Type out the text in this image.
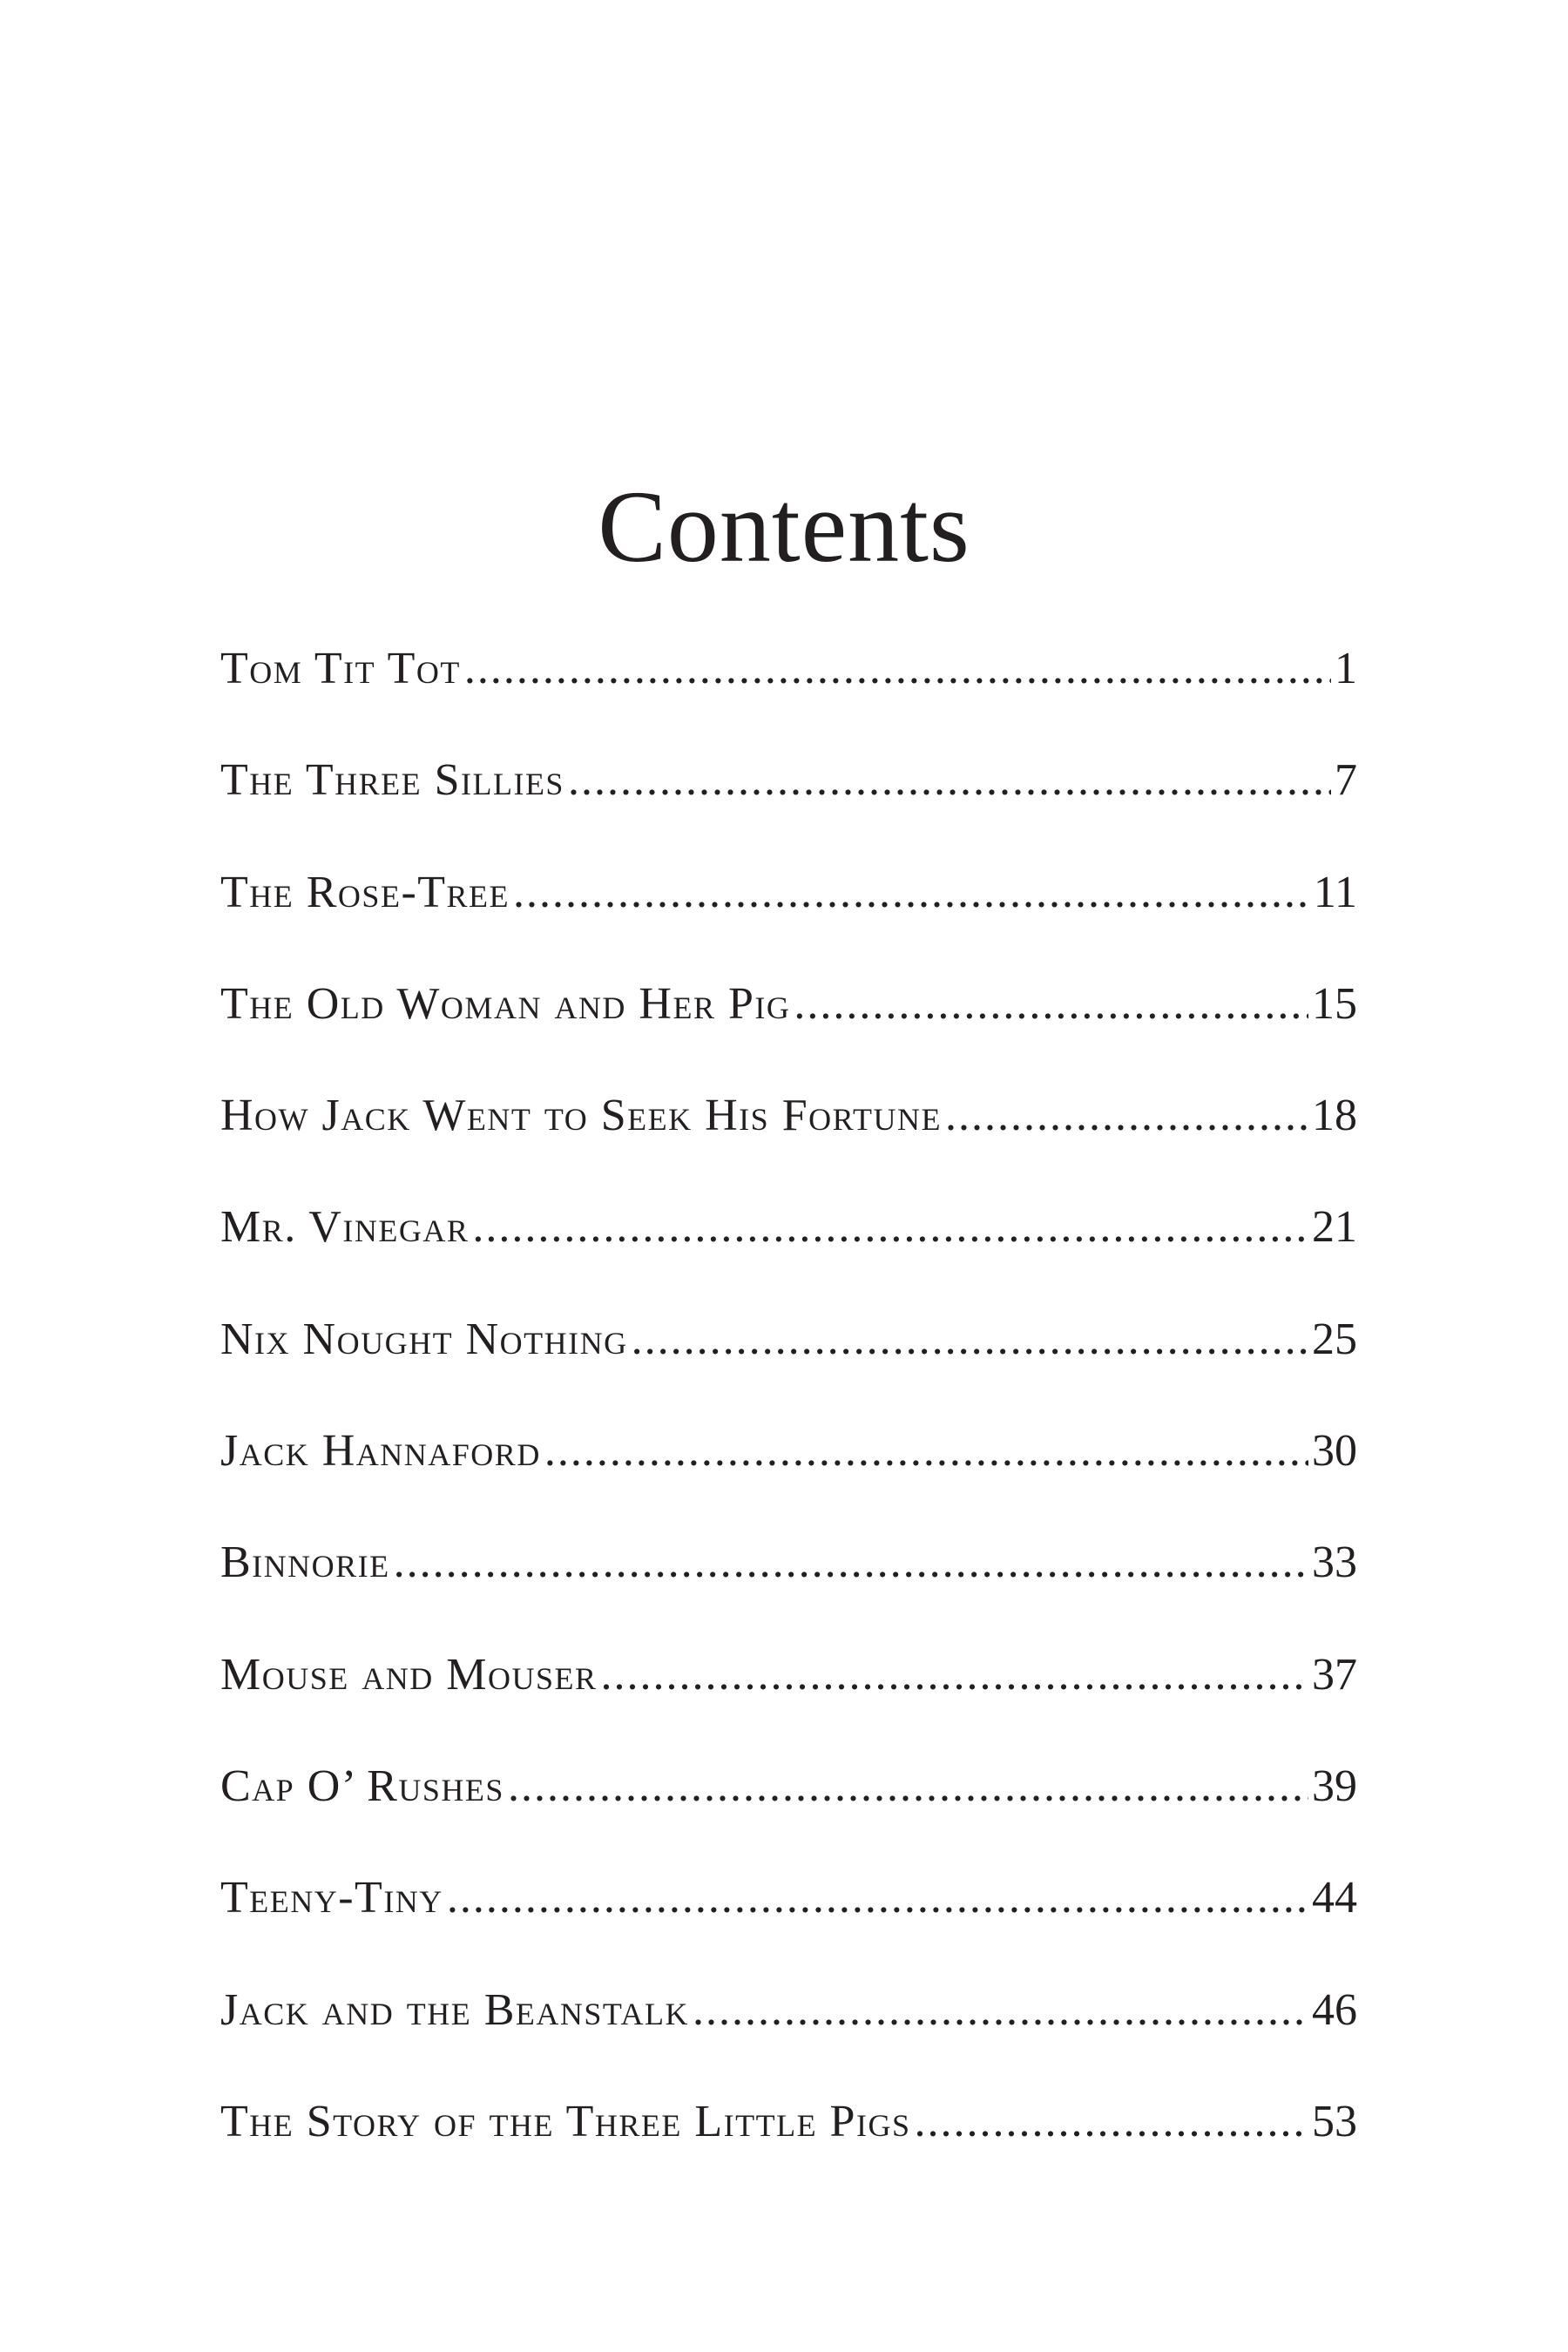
Contents
Tom Tit Tot .....	1
The Three Sillies .....	7
The Rose-Tree .....	11
The Old Woman and Her Pig .....	15
How Jack Went to Seek His Fortune .....	18
Mr. Vinegar .....	21
Nix Nought Nothing .....	25
Jack Hannaford .....	30
Binnorie .....	33
Mouse and Mouser .....	37
Cap O’ Rushes .....	39
Teeny-Tiny .....	44
Jack and the Beanstalk .....	46
The Story of the Three Little Pigs .....	53
